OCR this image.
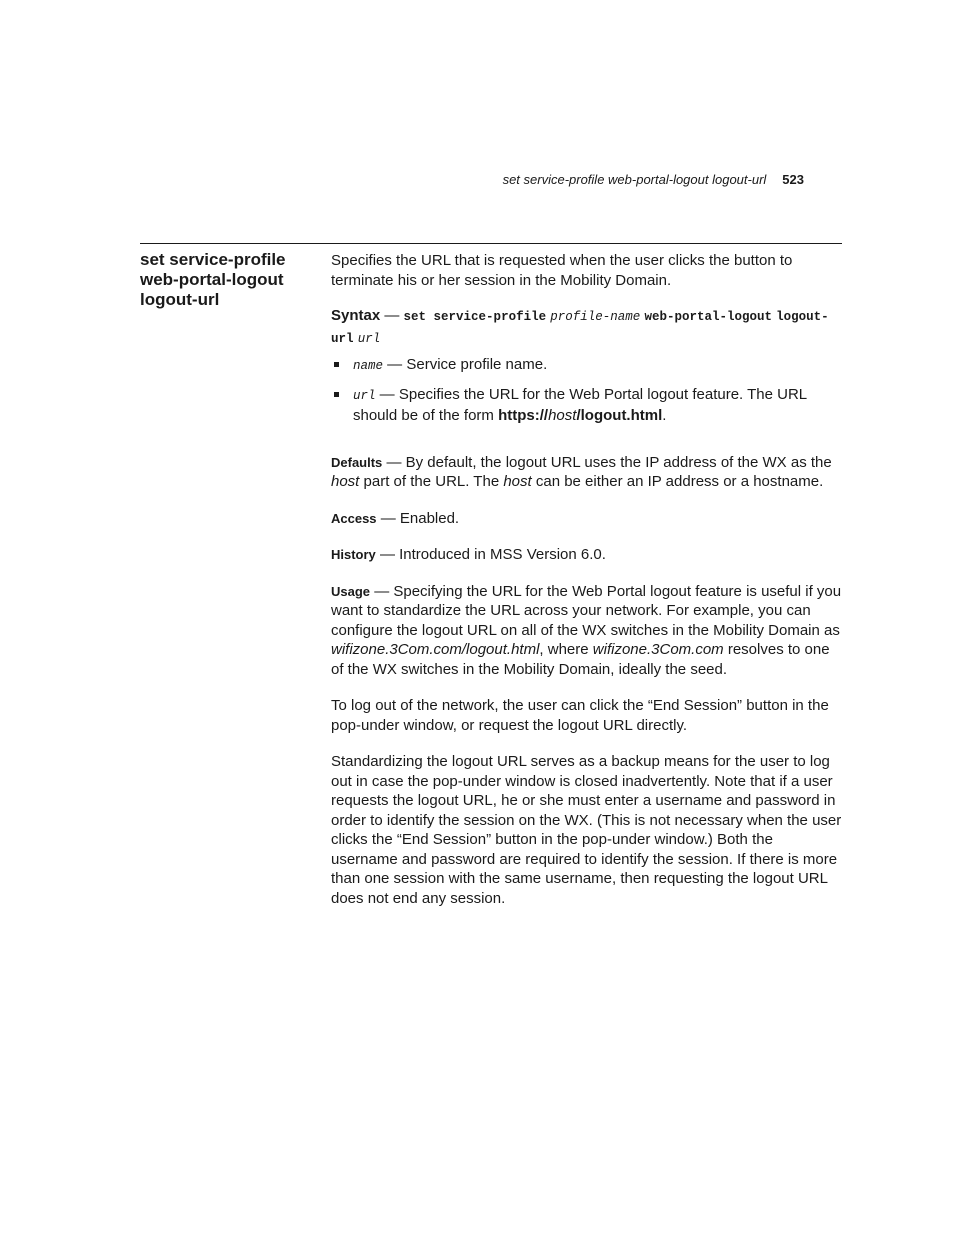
set service-profile web-portal-logout logout-url 523
set service-profile
web-portal-logout
logout-url

Specifies the URL that is requested when the user clicks the button to terminate his or her session in the Mobility Domain.

Syntax — set service-profile profile-name web-portal-logout logout-url url

name — Service profile name.
url — Specifies the URL for the Web Portal logout feature. The URL should be of the form https://host/logout.html.

Defaults — By default, the logout URL uses the IP address of the WX as the host part of the URL. The host can be either an IP address or a hostname.

Access — Enabled.

History — Introduced in MSS Version 6.0.

Usage — Specifying the URL for the Web Portal logout feature is useful if you want to standardize the URL across your network. For example, you can configure the logout URL on all of the WX switches in the Mobility Domain as wifizone.3Com.com/logout.html, where wifizone.3Com.com resolves to one of the WX switches in the Mobility Domain, ideally the seed.

To log out of the network, the user can click the “End Session” button in the pop-under window, or request the logout URL directly.

Standardizing the logout URL serves as a backup means for the user to log out in case the pop-under window is closed inadvertently. Note that if a user requests the logout URL, he or she must enter a username and password in order to identify the session on the WX. (This is not necessary when the user clicks the “End Session” button in the pop-under window.) Both the username and password are required to identify the session. If there is more than one session with the same username, then requesting the logout URL does not end any session.
